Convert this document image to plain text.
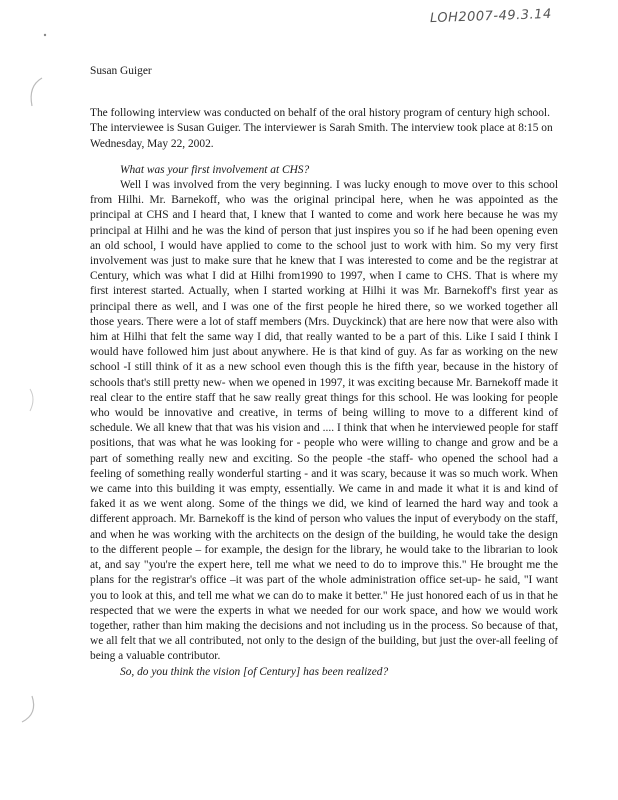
LOH2007-49.3.14

Susan Guiger

The following interview was conducted on behalf of the oral history program of century high school. The interviewee is Susan Guiger. The interviewer is Sarah Smith. The interview took place at 8:15 on Wednesday, May 22, 2002.

What was your first involvement at CHS?

Well I was involved from the very beginning. I was lucky enough to move over to this school from Hilhi. Mr. Barnekoff, who was the original principal here, when he was appointed as the principal at CHS and I heard that, I knew that I wanted to come and work here because he was my principal at Hilhi and he was the kind of person that just inspires you so if he had been opening even an old school, I would have applied to come to the school just to work with him. So my very first involvement was just to make sure that he knew that I was interested to come and be the registrar at Century, which was what I did at Hilhi from1990 to 1997, when I came to CHS. That is where my first interest started. Actually, when I started working at Hilhi it was Mr. Barnekoff's first year as principal there as well, and I was one of the first people he hired there, so we worked together all those years. There were a lot of staff members (Mrs. Duyckinck) that are here now that were also with him at Hilhi that felt the same way I did, that really wanted to be a part of this. Like I said I think I would have followed him just about anywhere. He is that kind of guy. As far as working on the new school -I still think of it as a new school even though this is the fifth year, because in the history of schools that's still pretty new- when we opened in 1997, it was exciting because Mr. Barnekoff made it real clear to the entire staff that he saw really great things for this school. He was looking for people who would be innovative and creative, in terms of being willing to move to a different kind of schedule. We all knew that that was his vision and .... I think that when he interviewed people for staff positions, that was what he was looking for - people who were willing to change and grow and be a part of something really new and exciting. So the people -the staff- who opened the school had a feeling of something really wonderful starting - and it was scary, because it was so much work. When we came into this building it was empty, essentially. We came in and made it what it is and kind of faked it as we went along. Some of the things we did, we kind of learned the hard way and took a different approach. Mr. Barnekoff is the kind of person who values the input of everybody on the staff, and when he was working with the architects on the design of the building, he would take the design to the different people – for example, the design for the library, he would take to the librarian to look at, and say "you're the expert here, tell me what we need to do to improve this." He brought me the plans for the registrar's office –it was part of the whole administration office set-up- he said, "I want you to look at this, and tell me what we can do to make it better." He just honored each of us in that he respected that we were the experts in what we needed for our work space, and how we would work together, rather than him making the decisions and not including us in the process. So because of that, we all felt that we all contributed, not only to the design of the building, but just the over-all feeling of being a valuable contributor.

So, do you think the vision [of Century] has been realized?
